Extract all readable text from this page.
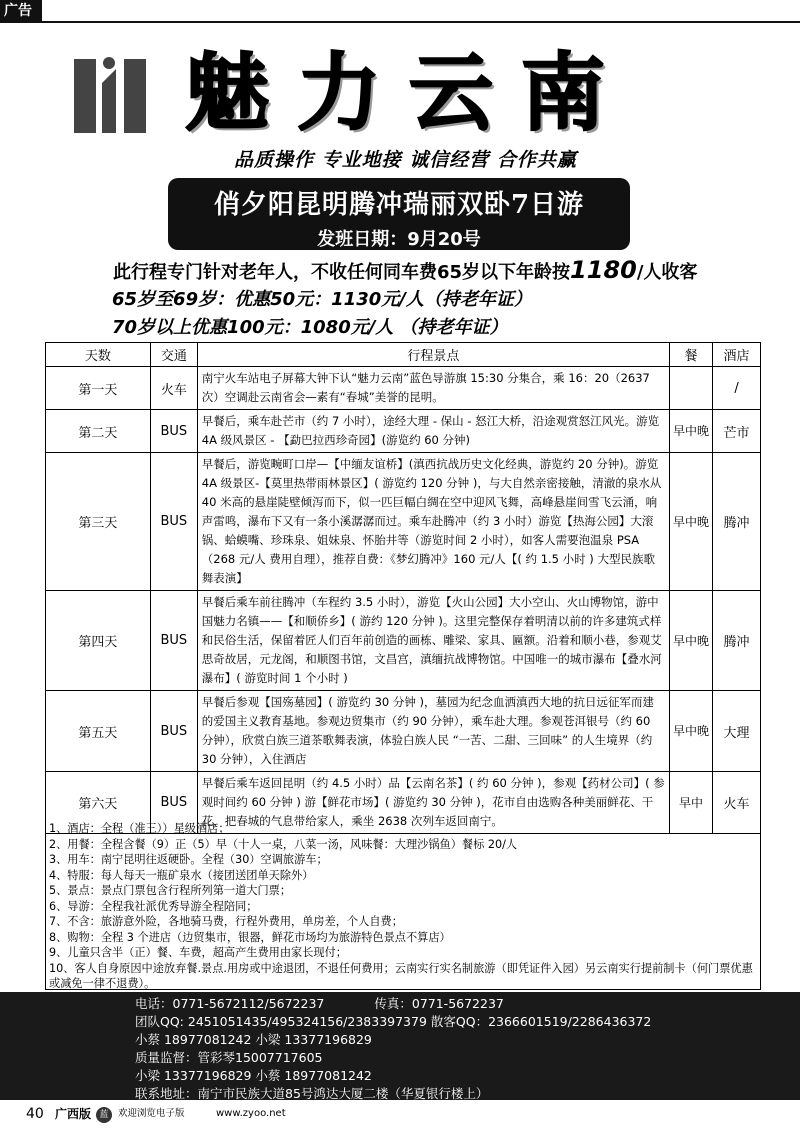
广告
魅力云南
品质操作 专业地接 诚信经营 合作共赢
俏夕阳昆明腾冲瑞丽双卧7日游
发班日期：9月20号
此行程专门针对老年人，不收任何同车费65岁以下年龄按1180/人收客
65岁至69岁：优惠50元：1130元/人（持老年证）
70岁以上优惠100元：1080元/人 （持老年证）
天数	交通	行程景点	餐	酒店
第一天	火车	南宁火车站电子屏幕大钟下认“魅力云南”蓝色导游旗 15:30 分集合，乘 16：20（2637 次）空调赴云南省会—素有“春城”美誉的昆明。		/
第二天	BUS	早餐后，乘车赴芒市（约 7 小时），途经大理 - 保山 - 怒江大桥，沿途观赏怒江风光。游览 4A 级风景区 - 【勐巴拉西珍奇园】(游览约 60 分钟)	早中晚	芒市
第三天	BUS	早餐后，游览畹町口岸—【中缅友谊桥】(滇西抗战历史文化经典，游览约 20 分钟)。游览 4A 级景区-【莫里热带雨林景区】( 游览约 120 分钟 )，与大自然亲密接触，清澈的泉水从 40 米高的悬崖陡壁倾泻而下，似一匹巨幅白绸在空中迎风飞舞，高峰悬崖间雪飞云涌，响声雷鸣，瀑布下又有一条小溪潺潺而过。乘车赴腾冲（约 3 小时）游览【热海公园】大滚锅、蛤蟆嘴、珍珠泉、姐妹泉、怀胎井等（游览时间 2 小时），如客人需要泡温泉 PSA（268 元/人 费用自理），推荐自费：《梦幻腾冲》160 元/人【( 约 1.5 小时 ) 大型民族歌舞表演】	早中晚	腾冲
第四天	BUS	早餐后乘车前往腾冲（车程约 3.5 小时），游览【火山公园】大小空山、火山博物馆，游中国魅力名镇——【和顺侨乡】( 游约 120 分钟 )。这里完整保存着明清以前的许多建筑式样和民俗生活，保留着匠人们百年前创造的画栋、雕梁、家具、匾额。沿着和顺小巷，参观艾思奇故居，元龙阁，和顺图书馆，文昌宫，滇缅抗战博物馆。中国唯一的城市瀑布【叠水河瀑布】( 游览时间 1 个小时 )	早中晚	腾冲
第五天	BUS	早餐后参观【国殇墓园】( 游览约 30 分钟 )，墓园为纪念血洒滇西大地的抗日远征军而建的爱国主义教育基地。参观边贸集市（约 90 分钟），乘车赴大理。参观苍洱银号（约 60 分钟），欣赏白族三道茶歌舞表演，体验白族人民 “一苦、二甜、三回味” 的人生境界（约 30 分钟），入住酒店	早中晚	大理
第六天	BUS	早餐后乘车返回昆明（约 4.5 小时）品【云南名茶】( 约 60 分钟 )，参观【药材公司】( 参观时间约 60 分钟 ) 游【鲜花市场】( 游览约 30 分钟 )，花市自由选购各种美丽鲜花、干花，把春城的气息带给家人，乘坐 2638 次列车返回南宁。	早中	火车
1、酒店：全程（准三））星级酒店；
2、用餐：全程含餐（9）正（5）早（十人一桌，八菜一汤，风味餐：大理沙锅鱼）餐标 20/人
3、用车：南宁昆明往返硬卧。全程（30）空调旅游车；
4、特服：每人每天一瓶矿泉水（接团送团单天除外）
5、景点：景点门票包含行程所列第一道大门票；
6、导游：全程我社派优秀导游全程陪同；
7、不含：旅游意外险，各地骑马费，行程外费用，单房差，个人自费；
8、购物：全程 3 个进店（边贸集市，银器，鲜花市场均为旅游特色景点不算店）
9、儿童只含半（正）餐、车费，超高产生费用由家长现付；
10、客人自身原因中途放弃餐.景点.用房或中途退团，不退任何费用；云南实行实名制旅游（即凭证件入园）另云南实行提前制卡（何门票优惠或减免一律不退费）。
电话：0771-5672112/5672237	传真：0771-5672237
团队QQ: 2451051435/495324156/2383397379 散客QQ：2366601519/2286436372
小蔡 18977081242 小梁 13377196829
质量监督：管彩琴15007717605
小梁 13377196829 小蔡 18977081242
联系地址：南宁市民族大道85号鸿达大厦二楼（华夏银行楼上）
40 广西版 蓝	欢迎浏览电子版	www.zyoo.net
